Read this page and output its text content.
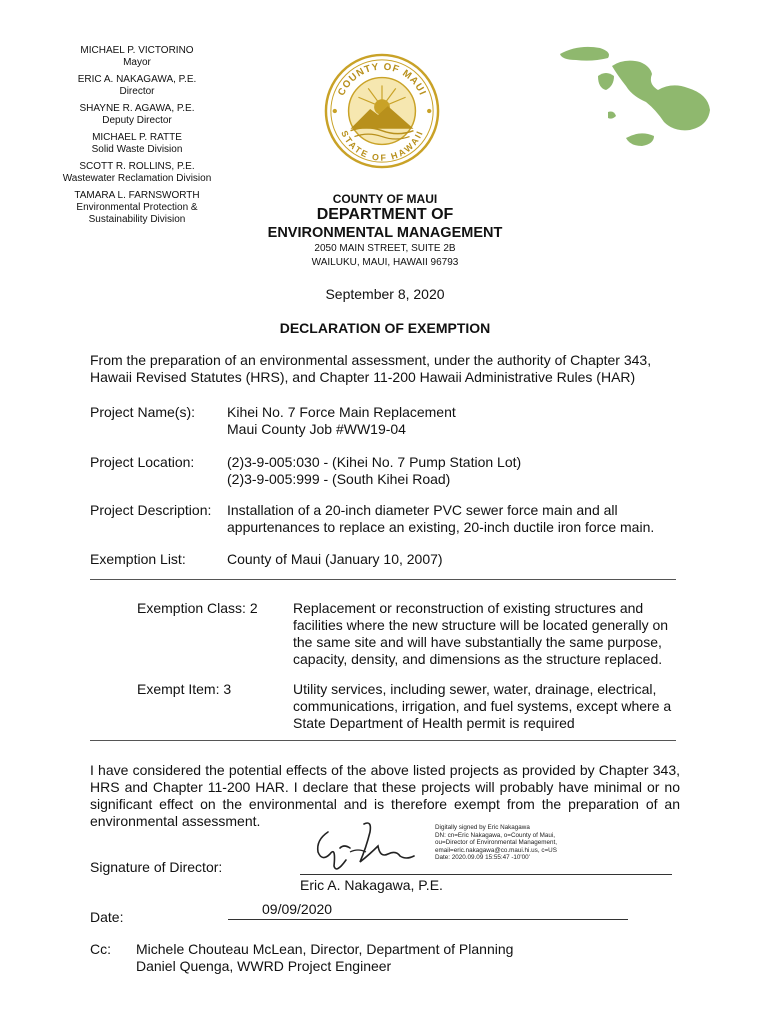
MICHAEL P. VICTORINO
Mayor
ERIC A. NAKAGAWA, P.E.
Director
SHAYNE R. AGAWA, P.E.
Deputy Director
MICHAEL P. RATTE
Solid Waste Division
SCOTT R. ROLLINS, P.E.
Wastewater Reclamation Division
TAMARA L. FARNSWORTH
Environmental Protection &
Sustainability Division
COUNTY OF MAUI
STATE OF HAWAII
COUNTY OF MAUI
DEPARTMENT OF
ENVIRONMENTAL MANAGEMENT
2050 MAIN STREET, SUITE 2B
WAILUKU, MAUI, HAWAII 96793
September 8, 2020
DECLARATION OF EXEMPTION
From the preparation of an environmental assessment, under the authority of Chapter 343, Hawaii Revised Statutes (HRS), and Chapter 11-200 Hawaii Administrative Rules (HAR)
Project Name(s): Kihei No. 7 Force Main Replacement
Maui County Job #WW19-04
Project Location: (2)3-9-005:030 - (Kihei No. 7 Pump Station Lot)
(2)3-9-005:999 - (South Kihei Road)
Project Description: Installation of a 20-inch diameter PVC sewer force main and all appurtenances to replace an existing, 20-inch ductile iron force main.
Exemption List:	County of Maui (January 10, 2007)
Exemption Class: 2	Replacement or reconstruction of existing structures and facilities where the new structure will be located generally on the same site and will have substantially the same purpose, capacity, density, and dimensions as the structure replaced.
Exempt Item: 3	Utility services, including sewer, water, drainage, electrical, communications, irrigation, and fuel systems, except where a State Department of Health permit is required
I have considered the potential effects of the above listed projects as provided by Chapter 343, HRS and Chapter 11-200 HAR. I declare that these projects will probably have minimal or no significant effect on the environmental and is therefore exempt from the preparation of an environmental assessment.	Digitally signed by Eric Nakagawa
DN: cn=Eric Nakagawa, o=County of Maui,
ou=Director of Environmental Management,
email=eric.nakagawa@co.maui.hi.us, c=US
Date: 2020.09.09 15:55:47 -10'00'
Signature of Director:
Eric A. Nakagawa, P.E.
Date:	09/09/2020
Cc: Michele Chouteau McLean, Director, Department of Planning
Daniel Quenga, WWRD Project Engineer
